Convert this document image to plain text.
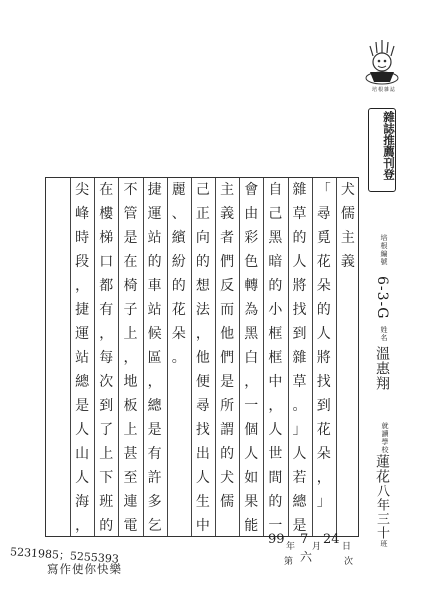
培根雜誌
雜誌推薦刊登
培根編號
6-3-G
姓名
溫惠翔
就讀學校
蓮花
八年三十
班
犬
儒
主
義
「
尋
覓
花
朵
的
人
將
找
到
花
朵
，
」
雜
草
的
人
將
找
到
雜
草
。
」
人
若
總
是
自
己
黑
暗
的
小
框
框
中
，
人
世
間
的
一
會
由
彩
色
轉
為
黑
白
，
一
個
人
如
果
能
主
義
者
們
反
而
他
們
是
所
謂
的
犬
儒
己
正
向
的
想
法
，
他
便
尋
找
出
人
生
中
麗
、
繽
紛
的
花
朵
。
捷
運
站
的
車
站
候
區
，
總
是
有
許
多
乞
不
管
是
在
椅
子
上
，
地
板
上
甚
至
連
電
在
樓
梯
口
都
有
，
每
次
到
了
上
下
班
的
尖
峰
時
段
，
捷
運
站
總
是
人
山
人
海
，
5231985；5255393
寫作使你快樂
99 年 7 月 24 日
第 六	次
